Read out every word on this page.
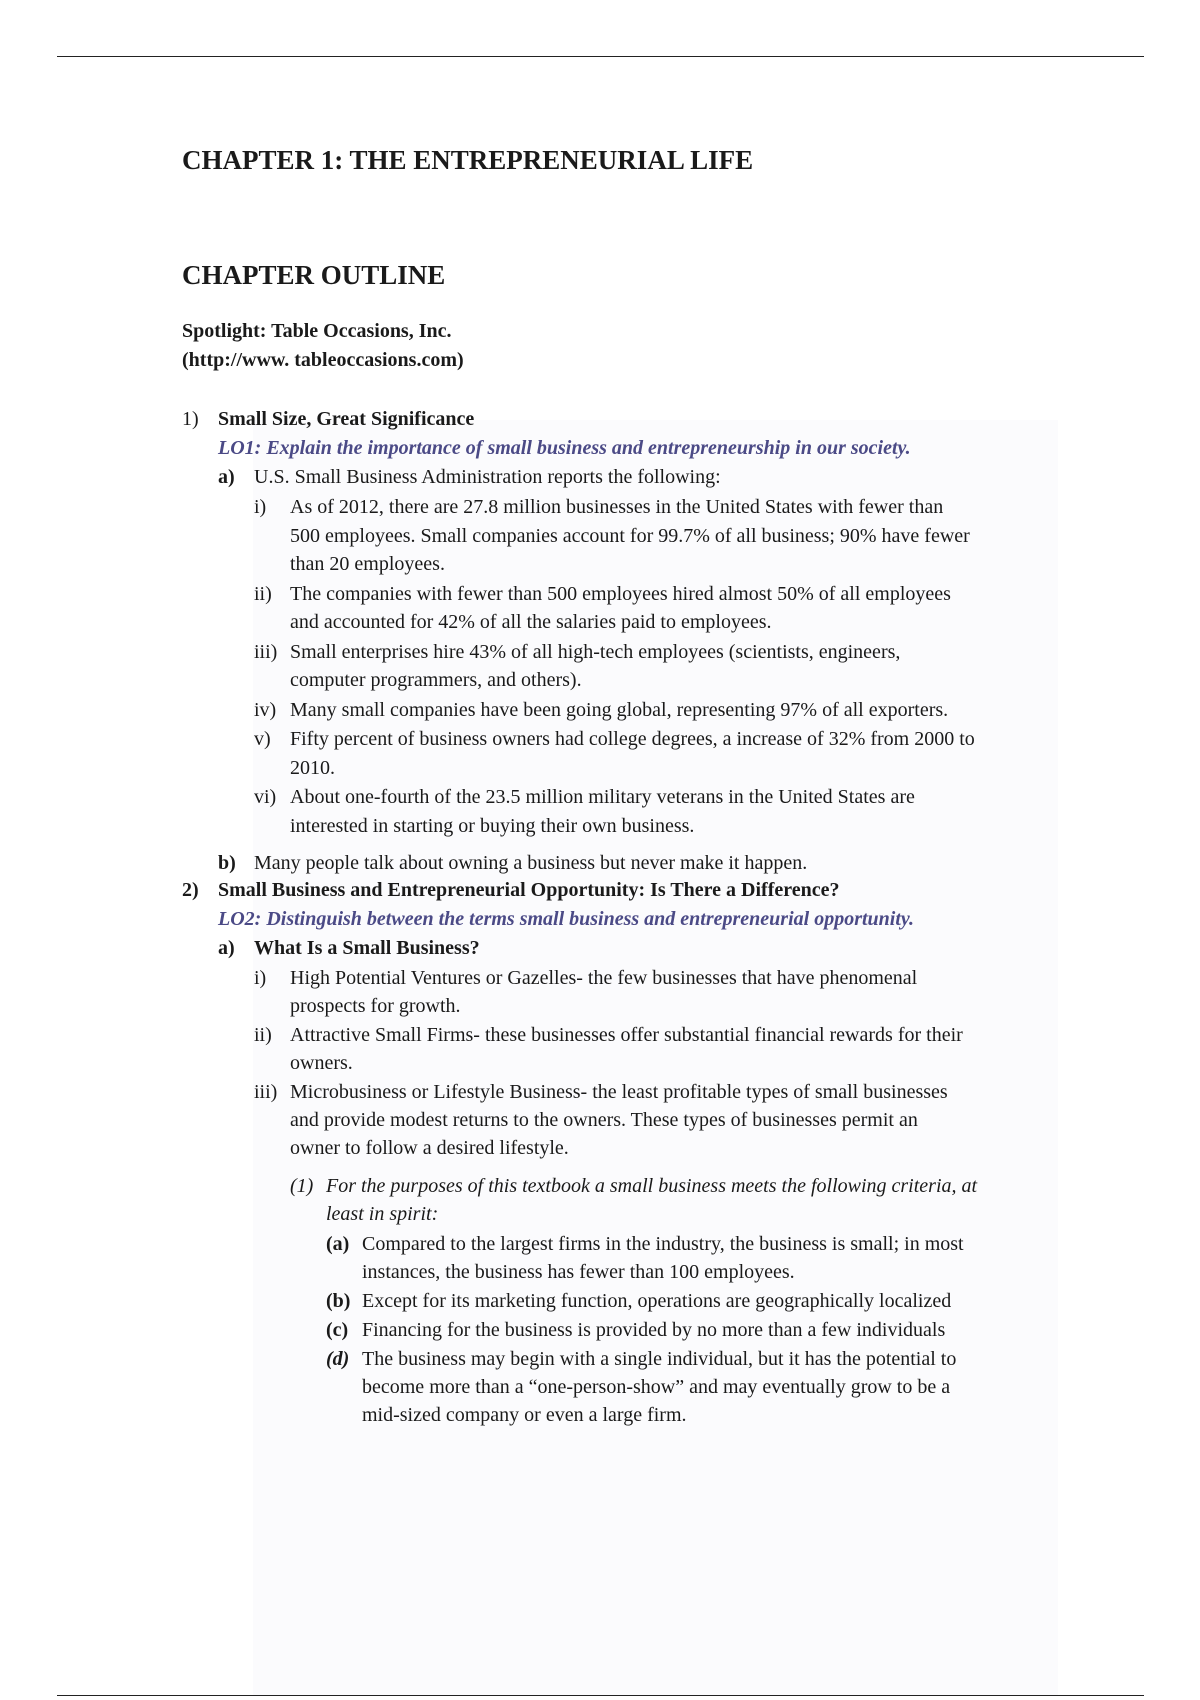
CHAPTER 1: THE ENTREPRENEURIAL LIFE
CHAPTER OUTLINE
Spotlight: Table Occasions, Inc.
(http://www. tableoccasions.com)
1) Small Size, Great Significance
LO1: Explain the importance of small business and entrepreneurship in our society.
a) U.S. Small Business Administration reports the following:
i) As of 2012, there are 27.8 million businesses in the United States with fewer than
500 employees. Small companies account for 99.7% of all business; 90% have fewer
than 20 employees.
ii) The companies with fewer than 500 employees hired almost 50% of all employees
and accounted for 42% of all the salaries paid to employees.
iii) Small enterprises hire 43% of all high-tech employees (scientists, engineers,
computer programmers, and others).
iv) Many small companies have been going global, representing 97% of all exporters.
v) Fifty percent of business owners had college degrees, a increase of 32% from 2000 to
2010.
vi) About one-fourth of the 23.5 million military veterans in the United States are
interested in starting or buying their own business.
b) Many people talk about owning a business but never make it happen.
2) Small Business and Entrepreneurial Opportunity: Is There a Difference?
LO2: Distinguish between the terms small business and entrepreneurial opportunity.
a) What Is a Small Business?
i) High Potential Ventures or Gazelles- the few businesses that have phenomenal
prospects for growth.
ii) Attractive Small Firms- these businesses offer substantial financial rewards for their
owners.
iii) Microbusiness or Lifestyle Business- the least profitable types of small businesses
and provide modest returns to the owners. These types of businesses permit an
owner to follow a desired lifestyle.
(1) For the purposes of this textbook a small business meets the following criteria, at
least in spirit:
(a) Compared to the largest firms in the industry, the business is small; in most
instances, the business has fewer than 100 employees.
(b) Except for its marketing function, operations are geographically localized
(c) Financing for the business is provided by no more than a few individuals
(d) The business may begin with a single individual, but it has the potential to
become more than a “one-person-show” and may eventually grow to be a
mid-sized company or even a large firm.
